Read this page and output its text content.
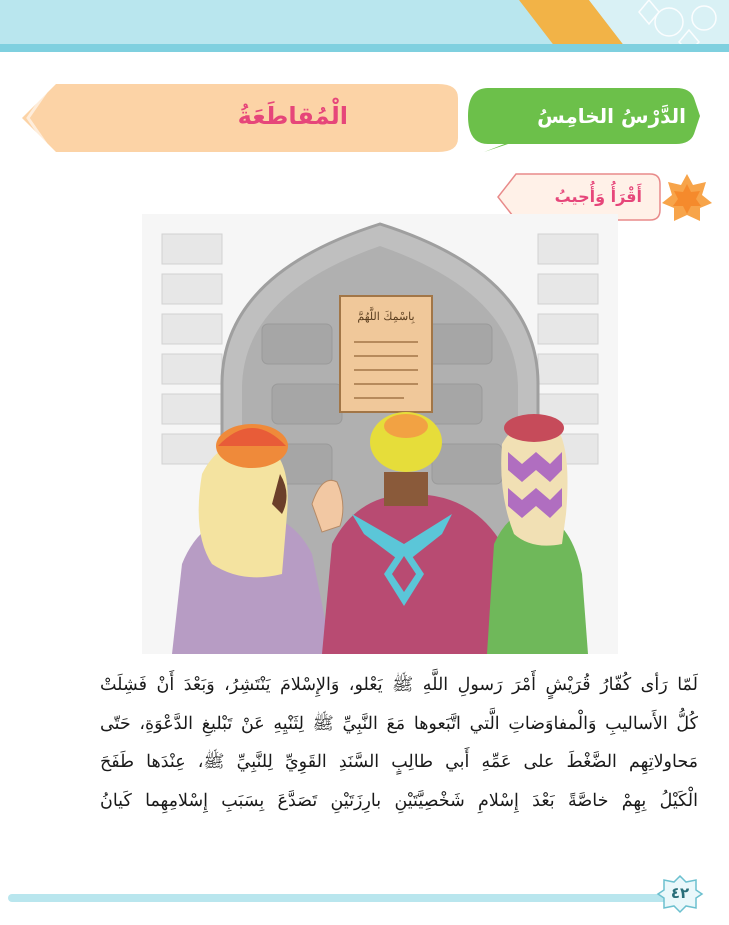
الدَّرْسُ الخامِسُ
الْمُقاطَعَةُ
أَقْرَأُ وَأُجيبُ
بِاسْمِكَ اللَّهُمَّ
لَمّا رَأى كُفّارُ قُرَيْشٍ أَمْرَ رَسولِ اللَّهِ ﷺ يَعْلو، وَالإِسْلامَ يَنْتَشِرُ، وَبَعْدَ أَنْ فَشِلَتْ
كُلُّ الأَساليبِ وَالْمفاوَضاتِ الَّتي اتَّبَعوها مَعَ النَّبِيِّ ﷺ لِثَنْيِهِ عَنْ تَبْليغِ الدَّعْوَةِ، حَتّى
مَحاولاتِهِم الضَّغْطَ على عَمِّهِ أَبي طالِبٍ السَّنَدِ القَوِيِّ لِلنَّبِيِّ ﷺ، عِنْدَها طَفَحَ
الْكَيْلُ بِهِمْ خاصَّةً بَعْدَ إِسْلامِ شَخْصِيَّتَيْنِ بارِزَتَيْنِ تَصَدَّعَ بِسَبَبِ إِسْلامِهِما كَيانُ
٤٢
